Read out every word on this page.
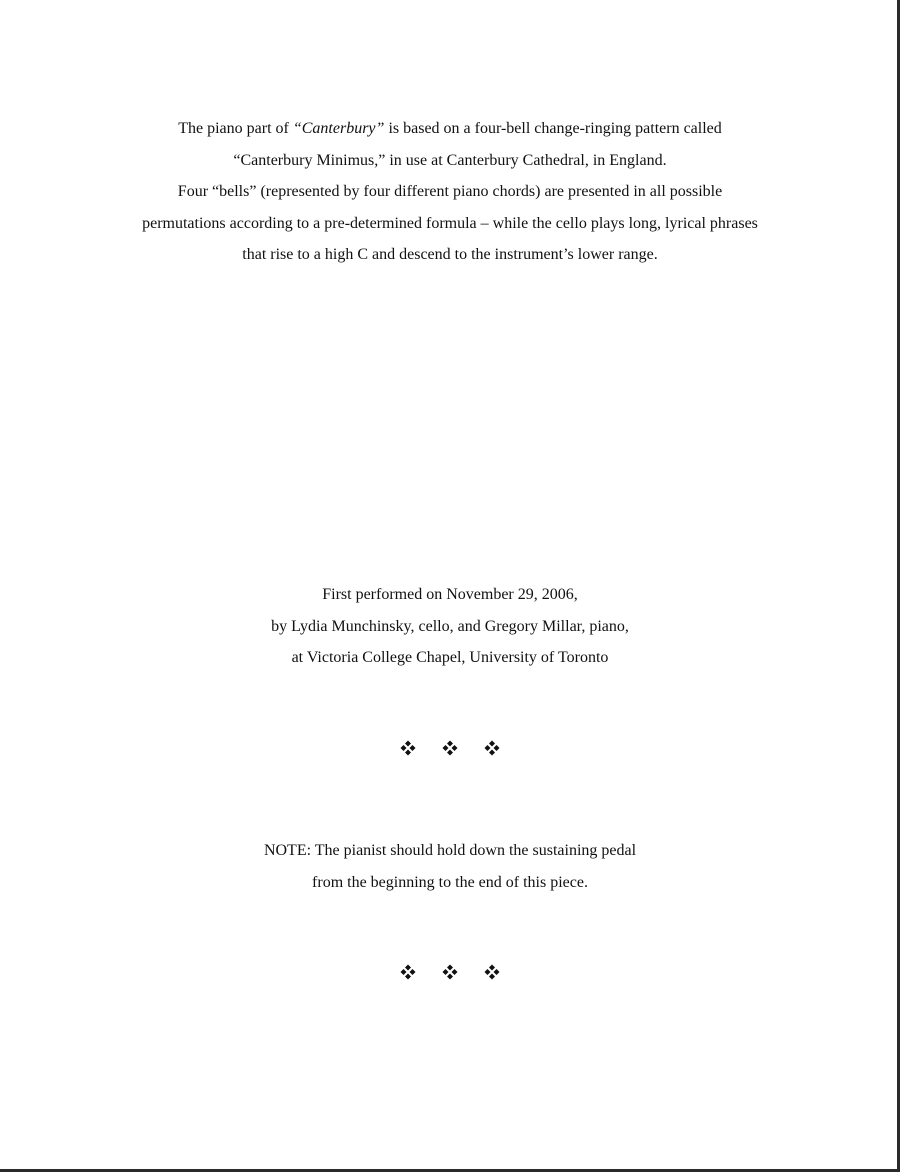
The piano part of “Canterbury” is based on a four-bell change-ringing pattern called
“Canterbury Minimus,” in use at Canterbury Cathedral, in England.
Four “bells” (represented by four different piano chords) are presented in all possible
permutations according to a pre-determined formula – while the cello plays long, lyrical phrases
that rise to a high C and descend to the instrument’s lower range.
First performed on November 29, 2006,
by Lydia Munchinsky, cello, and Gregory Millar, piano,
at Victoria College Chapel, University of Toronto
NOTE: The pianist should hold down the sustaining pedal
from the beginning to the end of this piece.
